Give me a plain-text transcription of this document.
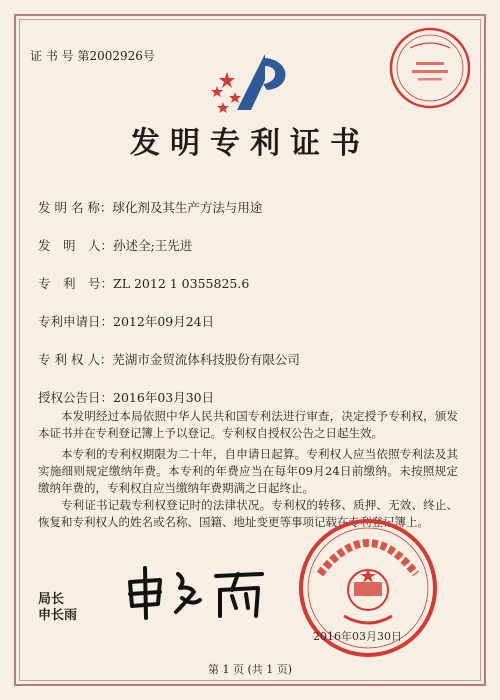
证 书 号 第2002926号
发明专利证书
发 明 名 称：球化剂及其生产方法与用途
发　明　人：孙述全;王先进
专　利　号：ZL 2012 1 0355825.6
专利申请日：2012年09月24日
专 利 权 人：芜湖市金贸流体科技股份有限公司
授权公告日：2016年03月30日
本发明经过本局依照中华人民共和国专利法进行审查，决定授予专利权，颁发本证书并在专利登记簿上予以登记。专利权自授权公告之日起生效。
本专利的专利权期限为二十年，自申请日起算。专利权人应当依照专利法及其实施细则规定缴纳年费。本专利的年费应当在每年09月24日前缴纳。未按照规定缴纳年费的，专利权自应当缴纳年费期满之日起终止。
专利证书记载专利权登记时的法律状况。专利权的转移、质押、无效、终止、恢复和专利权人的姓名或名称、国籍、地址变更等事项记载在专利登记簿上。
局长
申长雨
2016年03月30日
第 1 页 (共 1 页)
